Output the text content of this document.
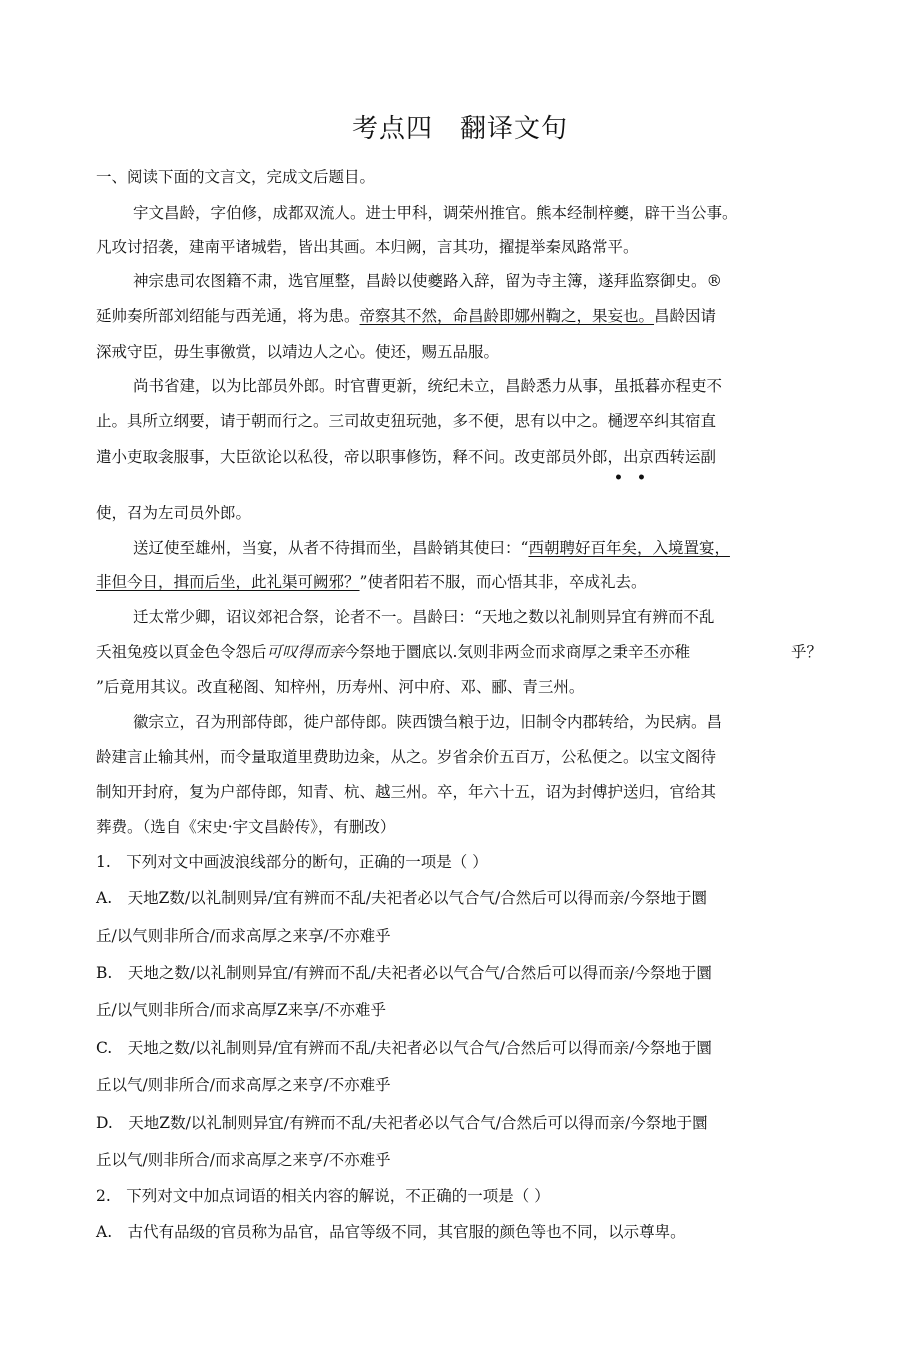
考点四　翻译文句
一、阅读下面的文言文，完成文后题目。
宇文昌龄，字伯修，成都双流人。进士甲科，调荣州推官。熊本经制梓夔，辟干当公事。
凡攻讨招袭，建南平诸城砦，皆出其画。本归阙，言其功，擢提举秦凤路常平。
神宗患司农图籍不肃，选官厘整，昌龄以使夔路入辞，留为寺主簿，遂拜监察御史。®
延帅奏所部刘绍能与西羌通，将为患。帝察其不然，命昌龄即娜州鞫之，果妄也。昌龄因请
深戒守臣，毋生事徼赏，以靖边人之心。使还，赐五品服。
尚书省建，以为比部员外郎。时官曹更新，统纪未立，昌龄悉力从事，虽抵暮亦程吏不
止。具所立纲要，请于朝而行之。三司故吏狃玩弛，多不便，思有以中之。樋逻卒纠其宿直
遣小吏取衾服事，大臣欲论以私役，帝以职事修饬，释不问。改吏部员外郎，出京西转运副
••
使，召为左司员外郎。
送辽使至雄州，当宴，从者不待揖而坐，昌龄销其使曰：“西朝聘好百年矣，入境置宴，
非但今日，揖而后坐，此礼渠可阙邪？”使者阳若不服，而心悟其非，卒成礼去。
迁太常少卿，诏议郊祀合祭，论者不一。昌龄曰：“天地之数以礼制则异宜有辨而不乱
夭祖兔疫以頁金色令怨后可叹得而亲今祭地于圜底以.気则非两佥而求商厚之秉辛丕亦稚	乎？
”后竟用其议。改直秘阁、知梓州，历寿州、河中府、邓、郦、青三州。
徽宗立，召为刑部侍郎，徙户部侍郎。陕西馈刍粮于边，旧制令内郡转给，为民病。昌
龄建言止输其州，而令量取道里费助边籴，从之。岁省余价五百万，公私便之。以宝文阁待
制知开封府，复为户部侍郎，知青、杭、越三州。卒，年六十五，诏为封傅护送归，官给其
葬费。（选自《宋史·宇文昌龄传》，有删改）
1.　下列对文中画波浪线部分的断句，正确的一项是（ ）
A.　天地Z数/以礼制则异/宜有辨而不乱/夫祀者必以气合气/合然后可以得而亲/今祭地于圜
丘/以气则非所合/而求高厚之来享/不亦难乎
B.　天地之数/以礼制则异宜/有辨而不乱/夫祀者必以气合气/合然后可以得而亲/今祭地于圜
丘/以气则非所合/而求高厚Z来享/不亦难乎
C.　天地之数/以礼制则异/宜有辨而不乱/夫祀者必以气合气/合然后可以得而亲/今祭地于圜
丘以气/则非所合/而求高厚之来亨/不亦难乎
D.　天地Z数/以礼制则异宜/有辨而不乱/夫祀者必以气合气/合然后可以得而亲/今祭地于圜
丘以气/则非所合/而求高厚之来亨/不亦难乎
2.　下列对文中加点词语的相关内容的解说，不正确的一项是（ ）
A.　古代有品级的官员称为品官，品官等级不同，其官服的颜色等也不同，以示尊卑。
